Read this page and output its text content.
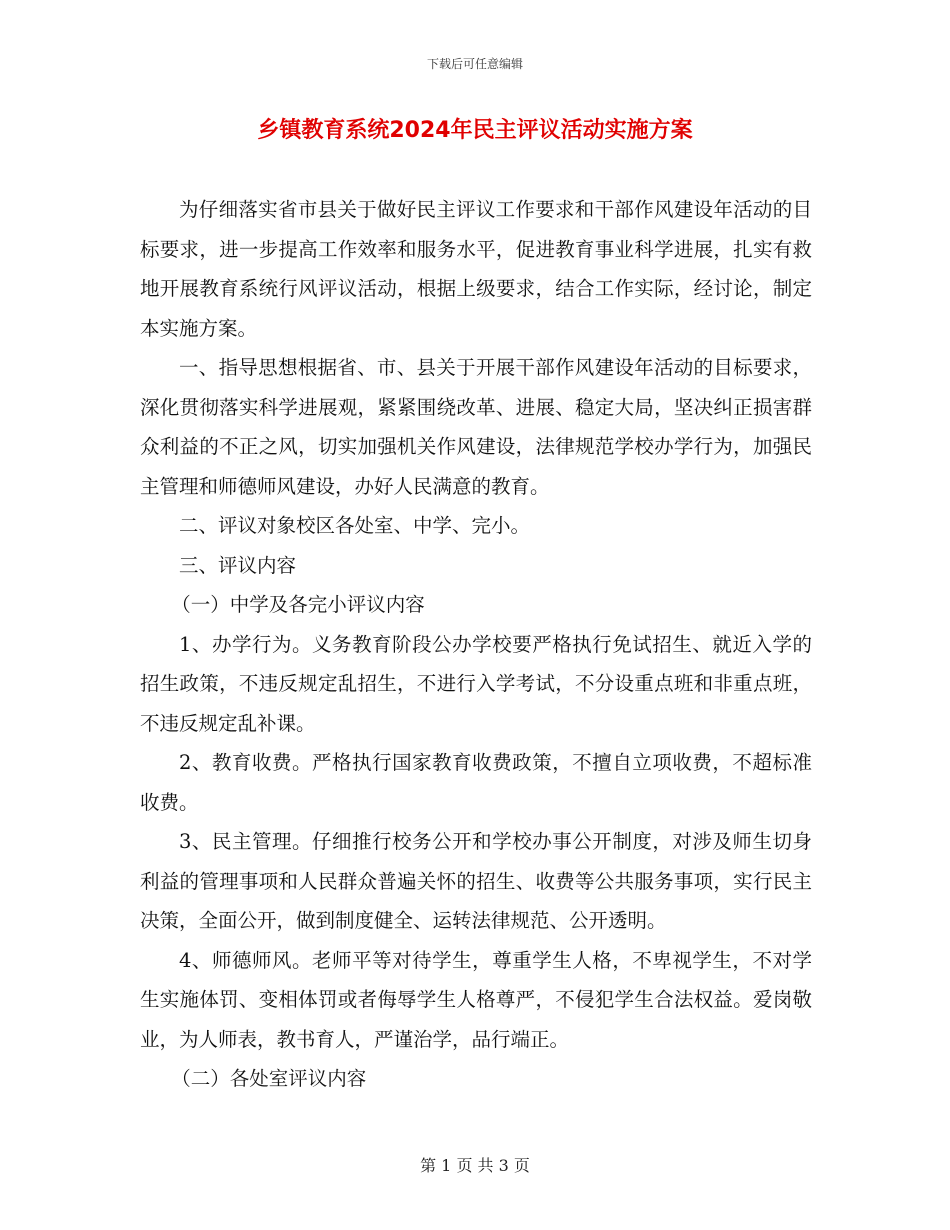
下载后可任意编辑
乡镇教育系统2024年民主评议活动实施方案

为仔细落实省市县关于做好民主评议工作要求和干部作风建设年活动的目标要求，进一步提高工作效率和服务水平，促进教育事业科学进展，扎实有救地开展教育系统行风评议活动，根据上级要求，结合工作实际，经讨论，制定本实施方案。

一、指导思想根据省、市、县关于开展干部作风建设年活动的目标要求，深化贯彻落实科学进展观，紧紧围绕改革、进展、稳定大局，坚决纠正损害群众利益的不正之风，切实加强机关作风建设，法律规范学校办学行为，加强民主管理和师德师风建设，办好人民满意的教育。

二、评议对象校区各处室、中学、完小。

三、评议内容

（一）中学及各完小评议内容

1、办学行为。义务教育阶段公办学校要严格执行免试招生、就近入学的招生政策，不违反规定乱招生，不进行入学考试，不分设重点班和非重点班，不违反规定乱补课。

2、教育收费。严格执行国家教育收费政策，不擅自立项收费，不超标准收费。

3、民主管理。仔细推行校务公开和学校办事公开制度，对涉及师生切身利益的管理事项和人民群众普遍关怀的招生、收费等公共服务事项，实行民主决策，全面公开，做到制度健全、运转法律规范、公开透明。

4、师德师风。老师平等对待学生，尊重学生人格，不卑视学生，不对学生实施体罚、变相体罚或者侮辱学生人格尊严，不侵犯学生合法权益。爱岗敬业，为人师表，教书育人，严谨治学，品行端正。

（二）各处室评议内容

第 1 页 共 3 页
